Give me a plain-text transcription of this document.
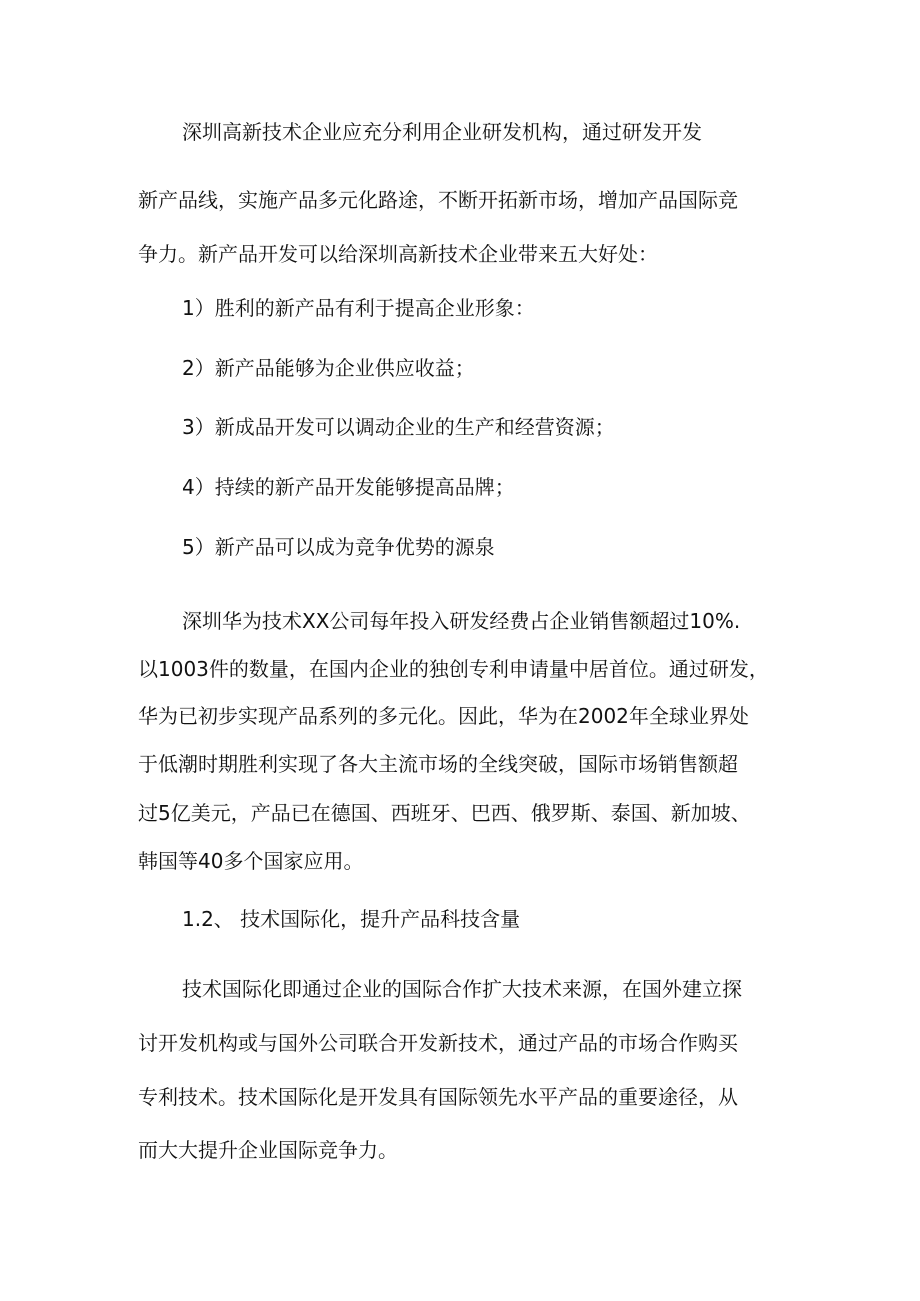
深圳高新技术企业应充分利用企业研发机构，通过研发开发
新产品线，实施产品多元化路途，不断开拓新市场，增加产品国际竞
争力。新产品开发可以给深圳高新技术企业带来五大好处：
1）胜利的新产品有利于提高企业形象：
2）新产品能够为企业供应收益；
3）新成品开发可以调动企业的生产和经营资源；
4）持续的新产品开发能够提高品牌；
5）新产品可以成为竞争优势的源泉
深圳华为技术XX公司每年投入研发经费占企业销售额超过10%.
以1003件的数量，在国内企业的独创专利申请量中居首位。通过研发，
华为已初步实现产品系列的多元化。因此，华为在2002年全球业界处
于低潮时期胜利实现了各大主流市场的全线突破，国际市场销售额超
过5亿美元，产品已在德国、西班牙、巴西、俄罗斯、泰国、新加坡、
韩国等40多个国家应用。
1.2、 技术国际化，提升产品科技含量
技术国际化即通过企业的国际合作扩大技术来源，在国外建立探
讨开发机构或与国外公司联合开发新技术，通过产品的市场合作购买
专利技术。技术国际化是开发具有国际领先水平产品的重要途径，从
而大大提升企业国际竞争力。
